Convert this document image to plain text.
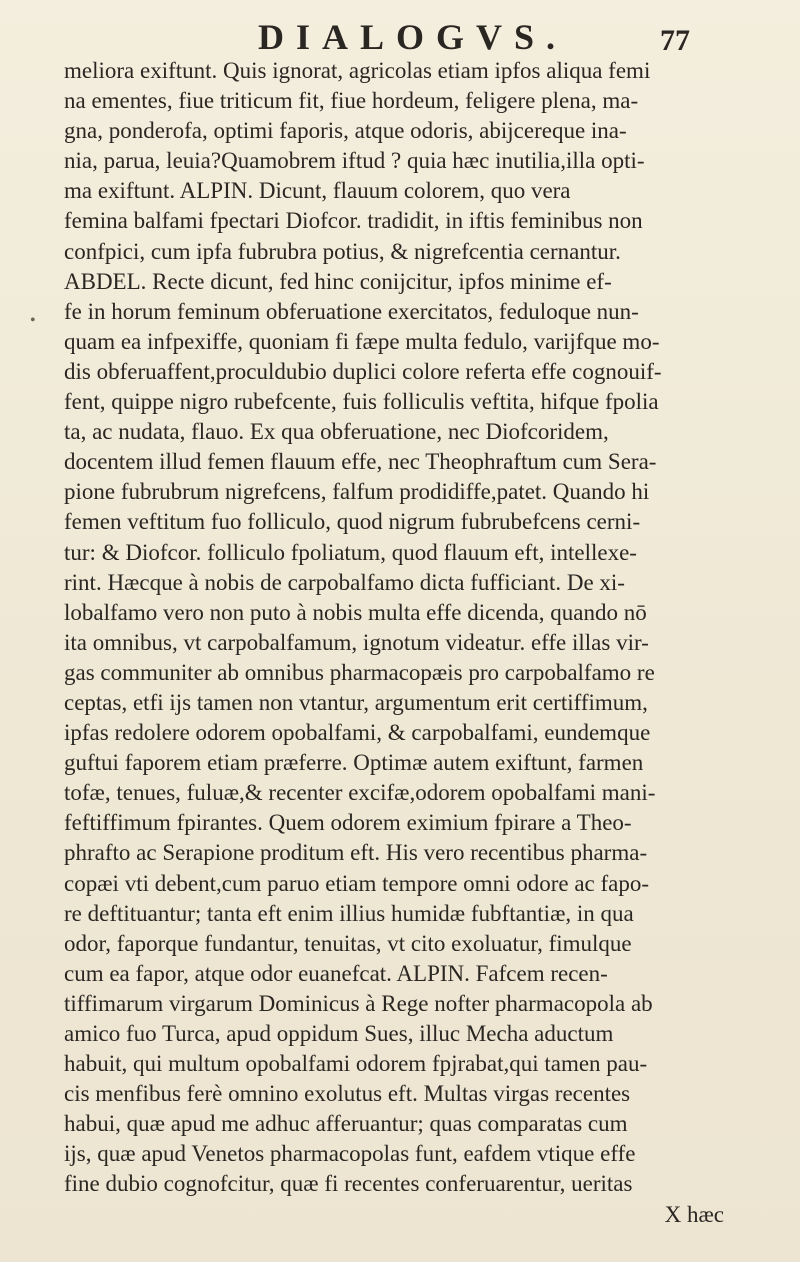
DIALOGVS.	77
meliora exiftunt. Quis ignorat, agricolas etiam ipfos aliqua femi
na ementes, fiue triticum fit, fiue hordeum, feligere plena, ma-
gna, ponderofa, optimi faporis, atque odoris, abijcereque ina-
nia, parua, leuia?Quamobrem iftud ? quia hæc inutilia,illa opti-
ma exiftunt. ALPIN. Dicunt, flauum colorem, quo vera
femina balfami fpectari Diofcor. tradidit, in iftis feminibus non
confpici, cum ipfa fubrubra potius, & nigrefcentia cernantur.
ABDEL. Recte dicunt, fed hinc conijcitur, ipfos minime ef-
fe in horum feminum obferuatione exercitatos, feduloque nun-
quam ea infpexiffe, quoniam fi fæpe multa fedulo, varijfque mo-
dis obferuaffent,proculdubio duplici colore referta effe cognouif-
fent, quippe nigro rubefcente, fuis folliculis veftita, hifque fpolia
ta, ac nudata, flauo. Ex qua obferuatione, nec Diofcoridem,
docentem illud femen flauum effe, nec Theophraftum cum Sera-
pione fubrubrum nigrefcens, falfum prodidiffe,patet. Quando hi
femen veftitum fuo folliculo, quod nigrum fubrubefcens cerni-
tur: & Diofcor. folliculo fpoliatum, quod flauum eft, intellexe-
rint. Hæcque à nobis de carpobalfamo dicta fufficiant. De xi-
lobalfamo vero non puto à nobis multa effe dicenda, quando nō
ita omnibus, vt carpobalfamum, ignotum videatur. effe illas vir-
gas communiter ab omnibus pharmacopæis pro carpobalfamo re
ceptas, etfi ijs tamen non vtantur, argumentum erit certiffimum,
ipfas redolere odorem opobalfami, & carpobalfami, eundemque
guftui faporem etiam præferre. Optimæ autem exiftunt, farmen
tofæ, tenues, fuluæ,& recenter excifæ,odorem opobalfami mani-
feftiffimum fpirantes. Quem odorem eximium fpirare a Theo-
phrafto ac Serapione proditum eft. His vero recentibus pharma-
copæi vti debent,cum paruo etiam tempore omni odore ac fapo-
re deftituantur; tanta eft enim illius humidæ fubftantiæ, in qua
odor, faporque fundantur, tenuitas, vt cito exoluatur, fimulque
cum ea fapor, atque odor euanefcat. ALPIN. Fafcem recen-
tiffimarum virgarum Dominicus à Rege nofter pharmacopola ab
amico fuo Turca, apud oppidum Sues, illuc Mecha aductum
habuit, qui multum opobalfami odorem fpjrabat,qui tamen pau-
cis menfibus ferè omnino exolutus eft. Multas virgas recentes
habui, quæ apud me adhuc afferuantur; quas comparatas cum
ijs, quæ apud Venetos pharmacopolas funt, eafdem vtique effe
fine dubio cognofcitur, quæ fi recentes conferuarentur, ueritas
X hæc
•
